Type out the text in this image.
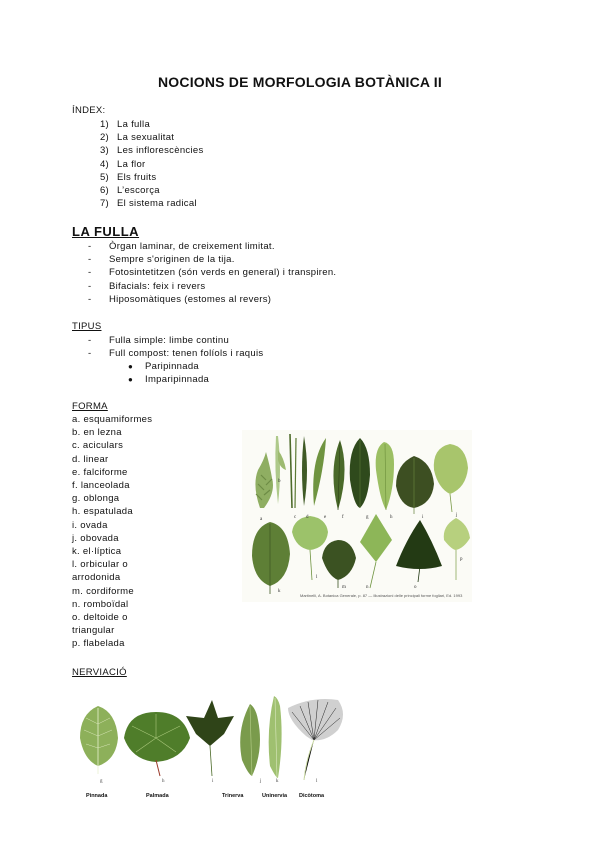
NOCIONS DE MORFOLOGIA BOTÀNICA II
ÍNDEX:
1) La fulla
2) La sexualitat
3) Les inflorescències
4) La flor
5) Els fruits
6) L’escorça
7) El sistema radical
LA FULLA
-	Òrgan laminar, de creixement limitat.
-	Sempre s'originen de la tija.
-	Fotosintetitzen (són verds en general) i transpiren.
-	Bifacials: feix i revers
-	Hiposomàtiques (estomes al revers)
TIPUS
-	Fulla simple: limbe continu
-	Full compost: tenen folíols i raquis
●	Paripinnada
●	Imparipinnada
FORMA
a. esquamiformes
b. en lezna
c. aciculars
d. linear
e. falciforme
f. lanceolada
g. oblonga
h. espatulada
i. ovada
j. obovada
k. el·líptica
l. orbicular o
arrodonida
m. cordiforme
n. romboïdal
o. deltoide o
triangular
p. flabelada
a
b
c d	e	f	g	h	i	j
k
l
m	n	o
p
Martinelli, A. Botanica Generale, p. 87 — Illustrazioni delle principali forme fogliari, Ed. 1993
NERVIACIÓ
g	h	i	j	k	l
Pinnada	Palmada	Trinerva	Uninervia Dicòtoma
